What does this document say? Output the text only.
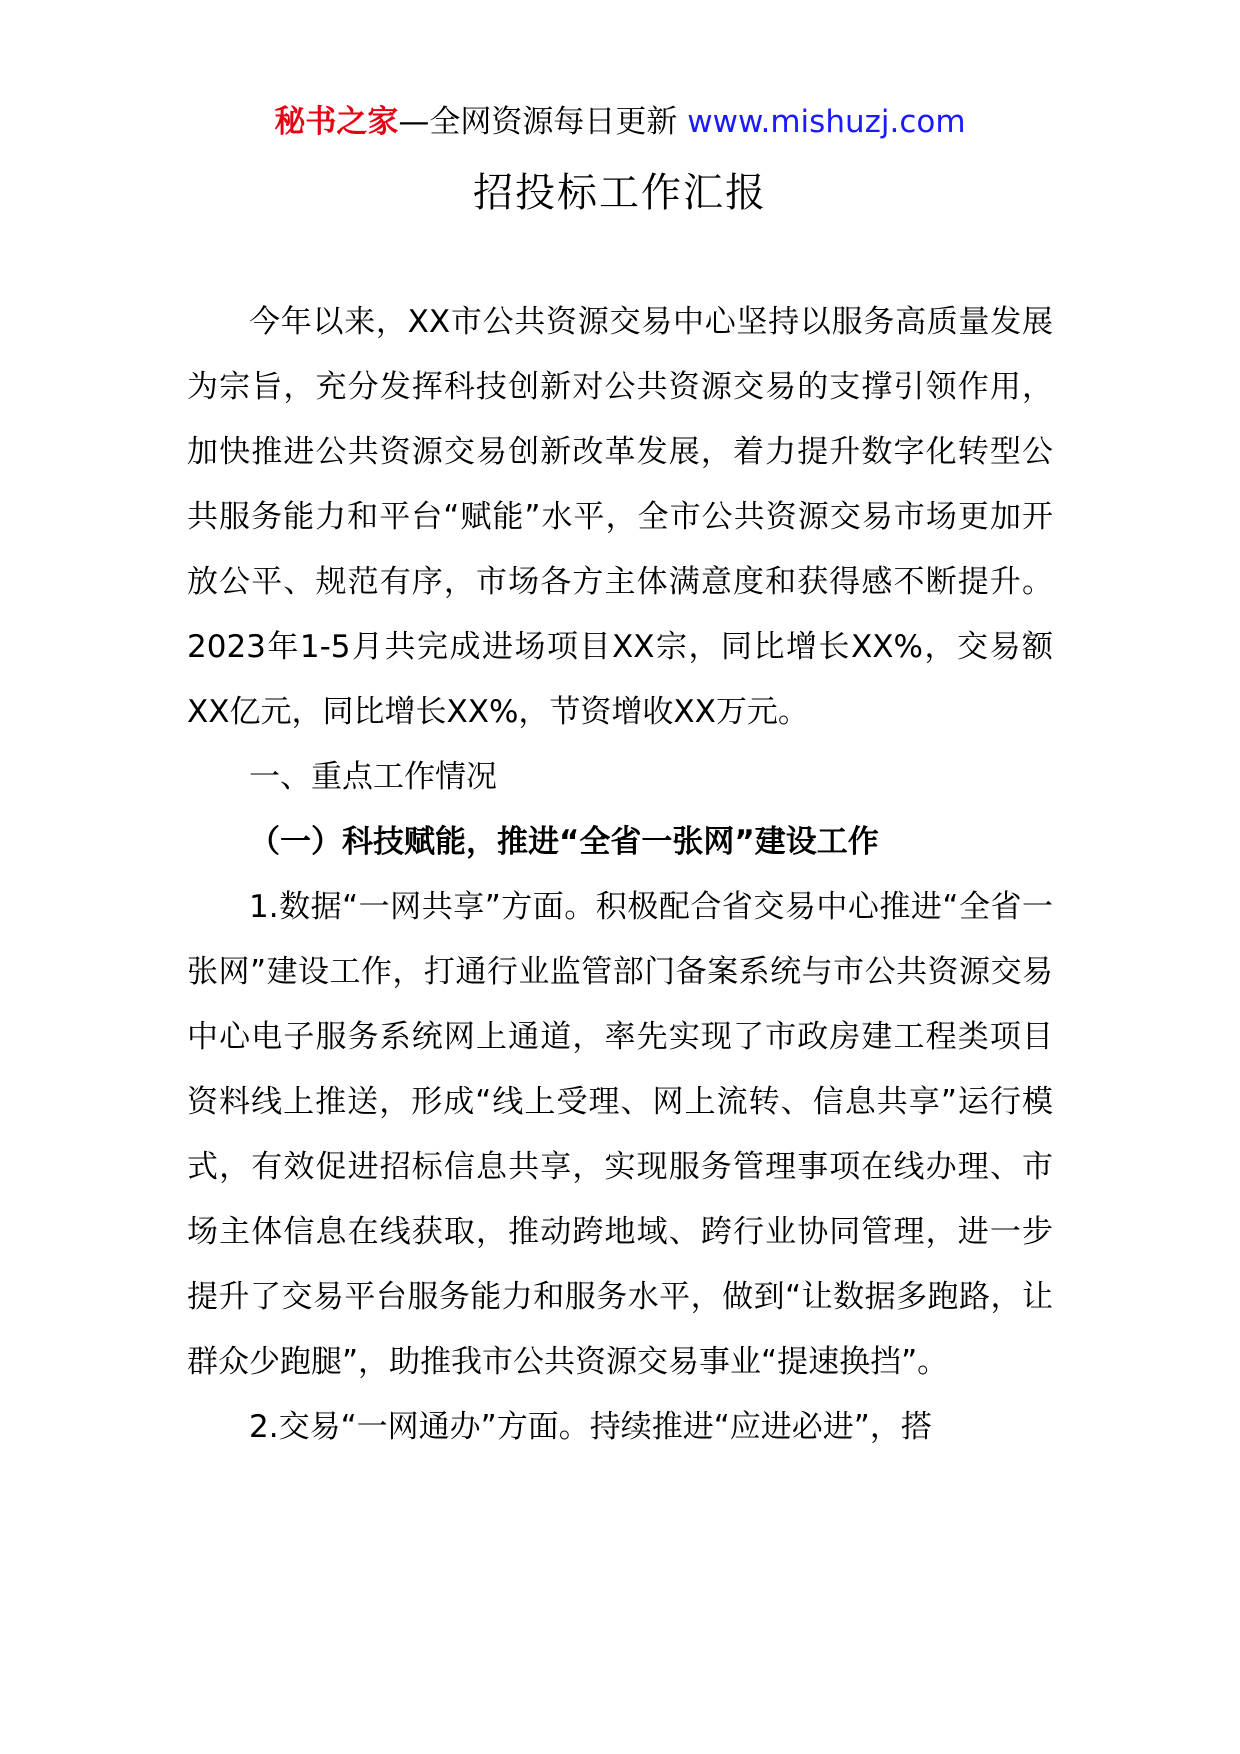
秘书之家—全网资源每日更新 www.mishuzj.com
招投标工作汇报

今年以来，XX市公共资源交易中心坚持以服务高质量发展为宗旨，充分发挥科技创新对公共资源交易的支撑引领作用，加快推进公共资源交易创新改革发展，着力提升数字化转型公共服务能力和平台“赋能”水平，全市公共资源交易市场更加开放公平、规范有序，市场各方主体满意度和获得感不断提升。2023年1-5月共完成进场项目XX宗，同比增长XX%，交易额XX亿元，同比增长XX%，节资增收XX万元。

一、重点工作情况

（一）科技赋能，推进“全省一张网”建设工作

1.数据“一网共享”方面。积极配合省交易中心推进“全省一张网”建设工作，打通行业监管部门备案系统与市公共资源交易中心电子服务系统网上通道，率先实现了市政房建工程类项目资料线上推送，形成“线上受理、网上流转、信息共享”运行模式，有效促进招标信息共享，实现服务管理事项在线办理、市场主体信息在线获取，推动跨地域、跨行业协同管理，进一步提升了交易平台服务能力和服务水平，做到“让数据多跑路，让群众少跑腿”，助推我市公共资源交易事业“提速换挡”。

2.交易“一网通办”方面。持续推进“应进必进”，搭
